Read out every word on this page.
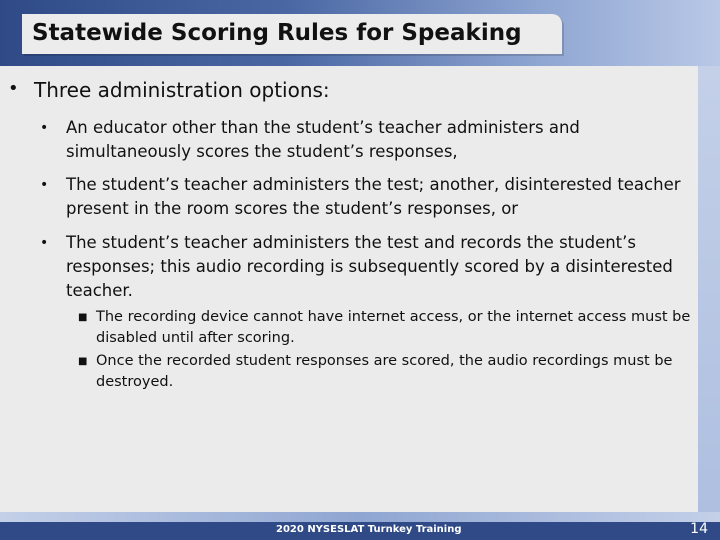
Statewide Scoring Rules for Speaking
• Three administration options:
• An educator other than the student’s teacher administers and simultaneously scores the student’s responses,
• The student’s teacher administers the test; another, disinterested teacher present in the room scores the student’s responses, or
• The student’s teacher administers the test and records the student’s responses; this audio recording is subsequently scored by a disinterested teacher.
■ The recording device cannot have internet access, or the internet access must be disabled until after scoring.
■ Once the recorded student responses are scored, the audio recordings must be destroyed.
2020 NYSESLAT Turnkey Training	14
